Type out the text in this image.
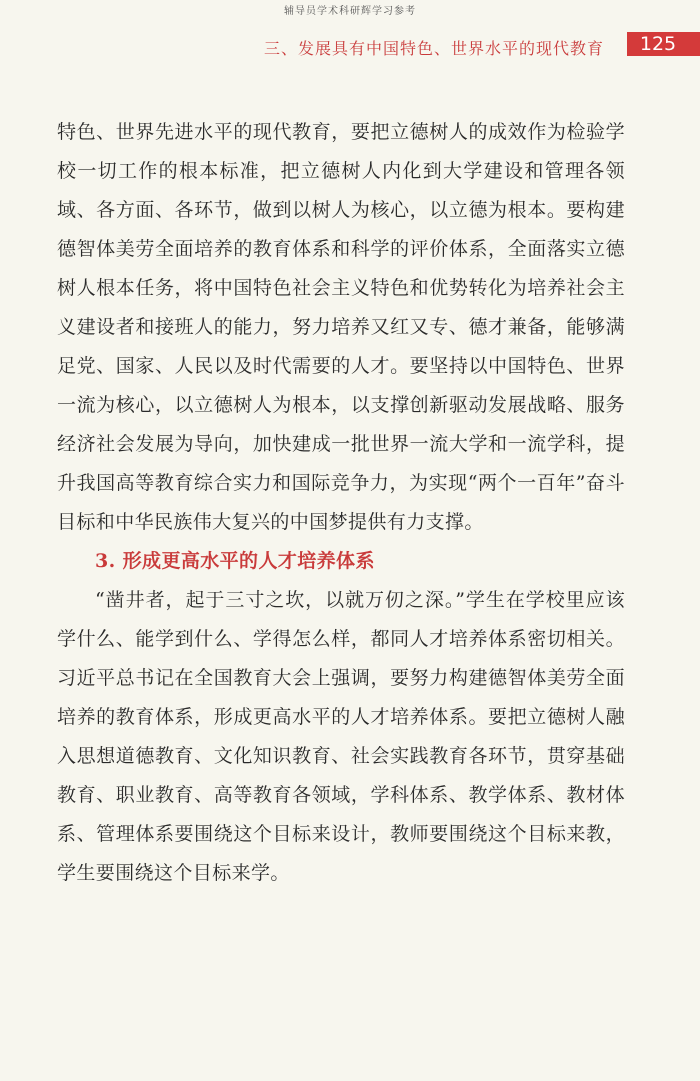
辅导员学术科研辉学习参考
三、发展具有中国特色、世界水平的现代教育	125

特色、世界先进水平的现代教育，要把立德树人的成效作为检验学校一切工作的根本标准，把立德树人内化到大学建设和管理各领域、各方面、各环节，做到以树人为核心，以立德为根本。要构建德智体美劳全面培养的教育体系和科学的评价体系，全面落实立德树人根本任务，将中国特色社会主义特色和优势转化为培养社会主义建设者和接班人的能力，努力培养又红又专、德才兼备，能够满足党、国家、人民以及时代需要的人才。要坚持以中国特色、世界一流为核心，以立德树人为根本，以支撑创新驱动发展战略、服务经济社会发展为导向，加快建成一批世界一流大学和一流学科，提升我国高等教育综合实力和国际竞争力，为实现“两个一百年”奋斗目标和中华民族伟大复兴的中国梦提供有力支撑。

3. 形成更高水平的人才培养体系

“凿井者，起于三寸之坎，以就万仞之深。”学生在学校里应该学什么、能学到什么、学得怎么样，都同人才培养体系密切相关。习近平总书记在全国教育大会上强调，要努力构建德智体美劳全面培养的教育体系，形成更高水平的人才培养体系。要把立德树人融入思想道德教育、文化知识教育、社会实践教育各环节，贯穿基础教育、职业教育、高等教育各领域，学科体系、教学体系、教材体系、管理体系要围绕这个目标来设计，教师要围绕这个目标来教，学生要围绕这个目标来学。
